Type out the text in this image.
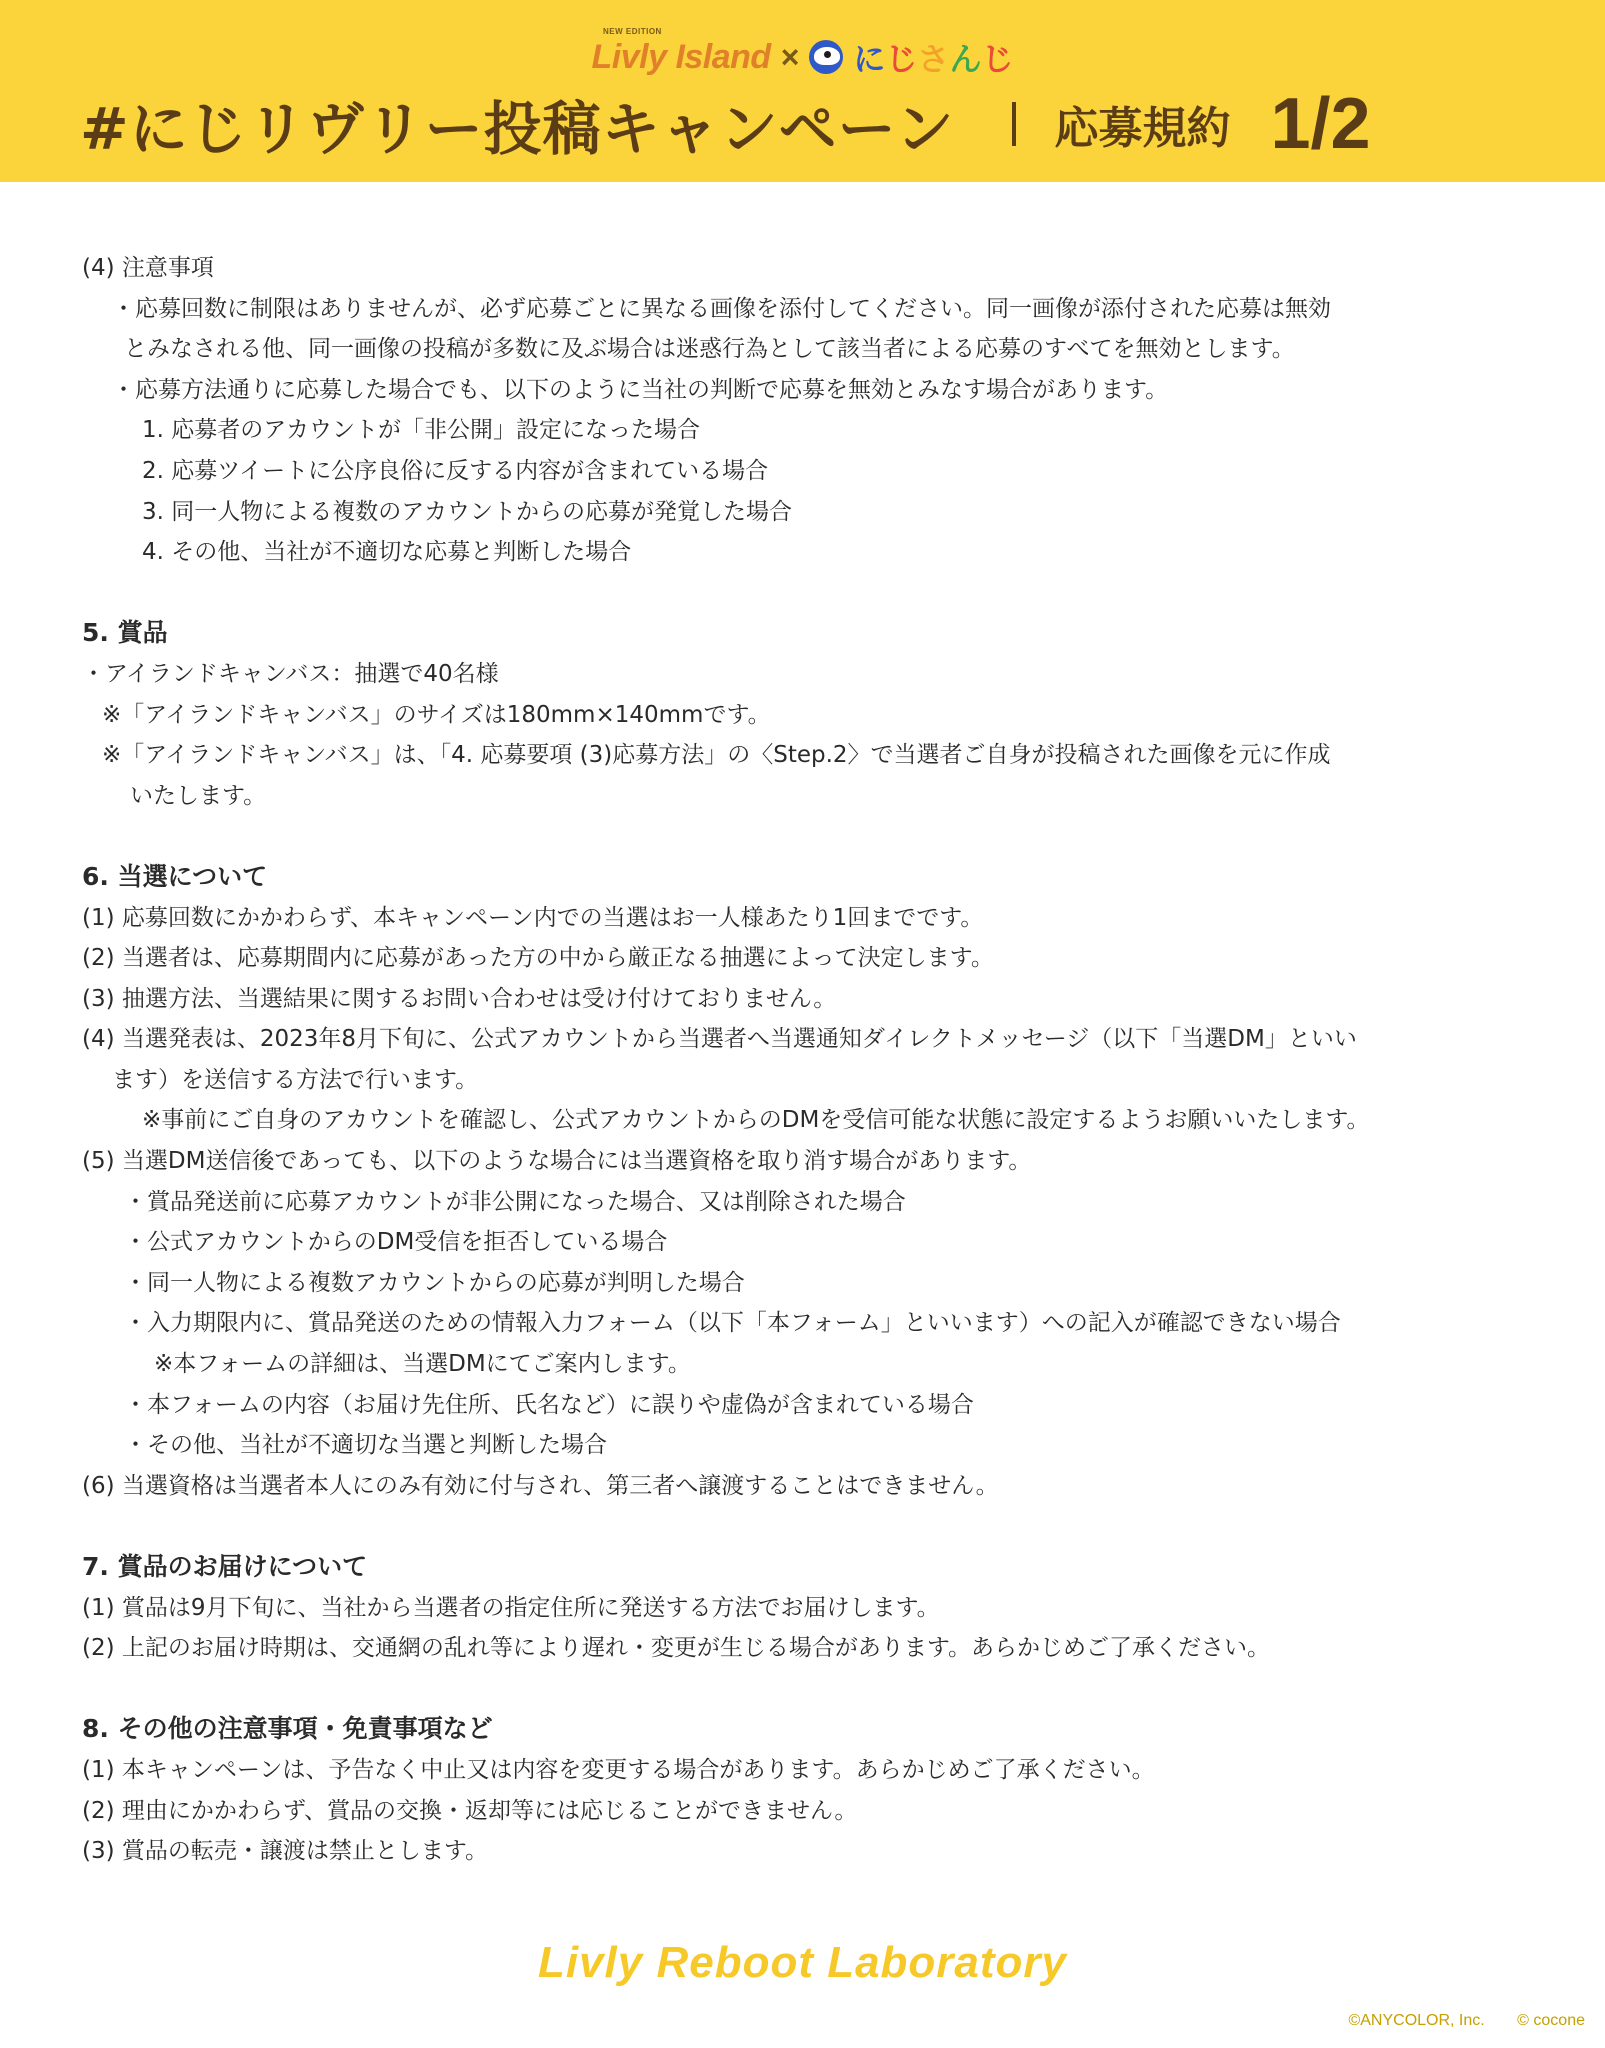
NEW EDITION
Livly Island × にじさんじ
#にじリヴリー投稿キャンペーン 応募規約 1/2
(4) 注意事項
・応募回数に制限はありませんが、必ず応募ごとに異なる画像を添付してください。同一画像が添付された応募は無効
とみなされる他、同一画像の投稿が多数に及ぶ場合は迷惑行為として該当者による応募のすべてを無効とします。
・応募方法通りに応募した場合でも、以下のように当社の判断で応募を無効とみなす場合があります。
1. 応募者のアカウントが「非公開」設定になった場合
2. 応募ツイートに公序良俗に反する内容が含まれている場合
3. 同一人物による複数のアカウントからの応募が発覚した場合
4. その他、当社が不適切な応募と判断した場合
5. 賞品
・アイランドキャンバス：抽選で40名様
※「アイランドキャンバス」のサイズは180mm×140mmです。
※「アイランドキャンバス」は、「4. 応募要項 (3)応募方法」の〈Step.2〉で当選者ご自身が投稿された画像を元に作成
いたします。
6. 当選について
(1) 応募回数にかかわらず、本キャンペーン内での当選はお一人様あたり1回までです。
(2) 当選者は、応募期間内に応募があった方の中から厳正なる抽選によって決定します。
(3) 抽選方法、当選結果に関するお問い合わせは受け付けておりません。
(4) 当選発表は、2023年8月下旬に、公式アカウントから当選者へ当選通知ダイレクトメッセージ（以下「当選DM」といい
ます）を送信する方法で行います。
※事前にご自身のアカウントを確認し、公式アカウントからのDMを受信可能な状態に設定するようお願いいたします。
(5) 当選DM送信後であっても、以下のような場合には当選資格を取り消す場合があります。
・賞品発送前に応募アカウントが非公開になった場合、又は削除された場合
・公式アカウントからのDM受信を拒否している場合
・同一人物による複数アカウントからの応募が判明した場合
・入力期限内に、賞品発送のための情報入力フォーム（以下「本フォーム」といいます）への記入が確認できない場合
※本フォームの詳細は、当選DMにてご案内します。
・本フォームの内容（お届け先住所、氏名など）に誤りや虚偽が含まれている場合
・その他、当社が不適切な当選と判断した場合
(6) 当選資格は当選者本人にのみ有効に付与され、第三者へ譲渡することはできません。
7. 賞品のお届けについて
(1) 賞品は9月下旬に、当社から当選者の指定住所に発送する方法でお届けします。
(2) 上記のお届け時期は、交通網の乱れ等により遅れ・変更が生じる場合があります。あらかじめご了承ください。
8. その他の注意事項・免責事項など
(1) 本キャンペーンは、予告なく中止又は内容を変更する場合があります。あらかじめご了承ください。
(2) 理由にかかわらず、賞品の交換・返却等には応じることができません。
(3) 賞品の転売・譲渡は禁止とします。
Livly Reboot Laboratory
©ANYCOLOR, Inc. © cocone
